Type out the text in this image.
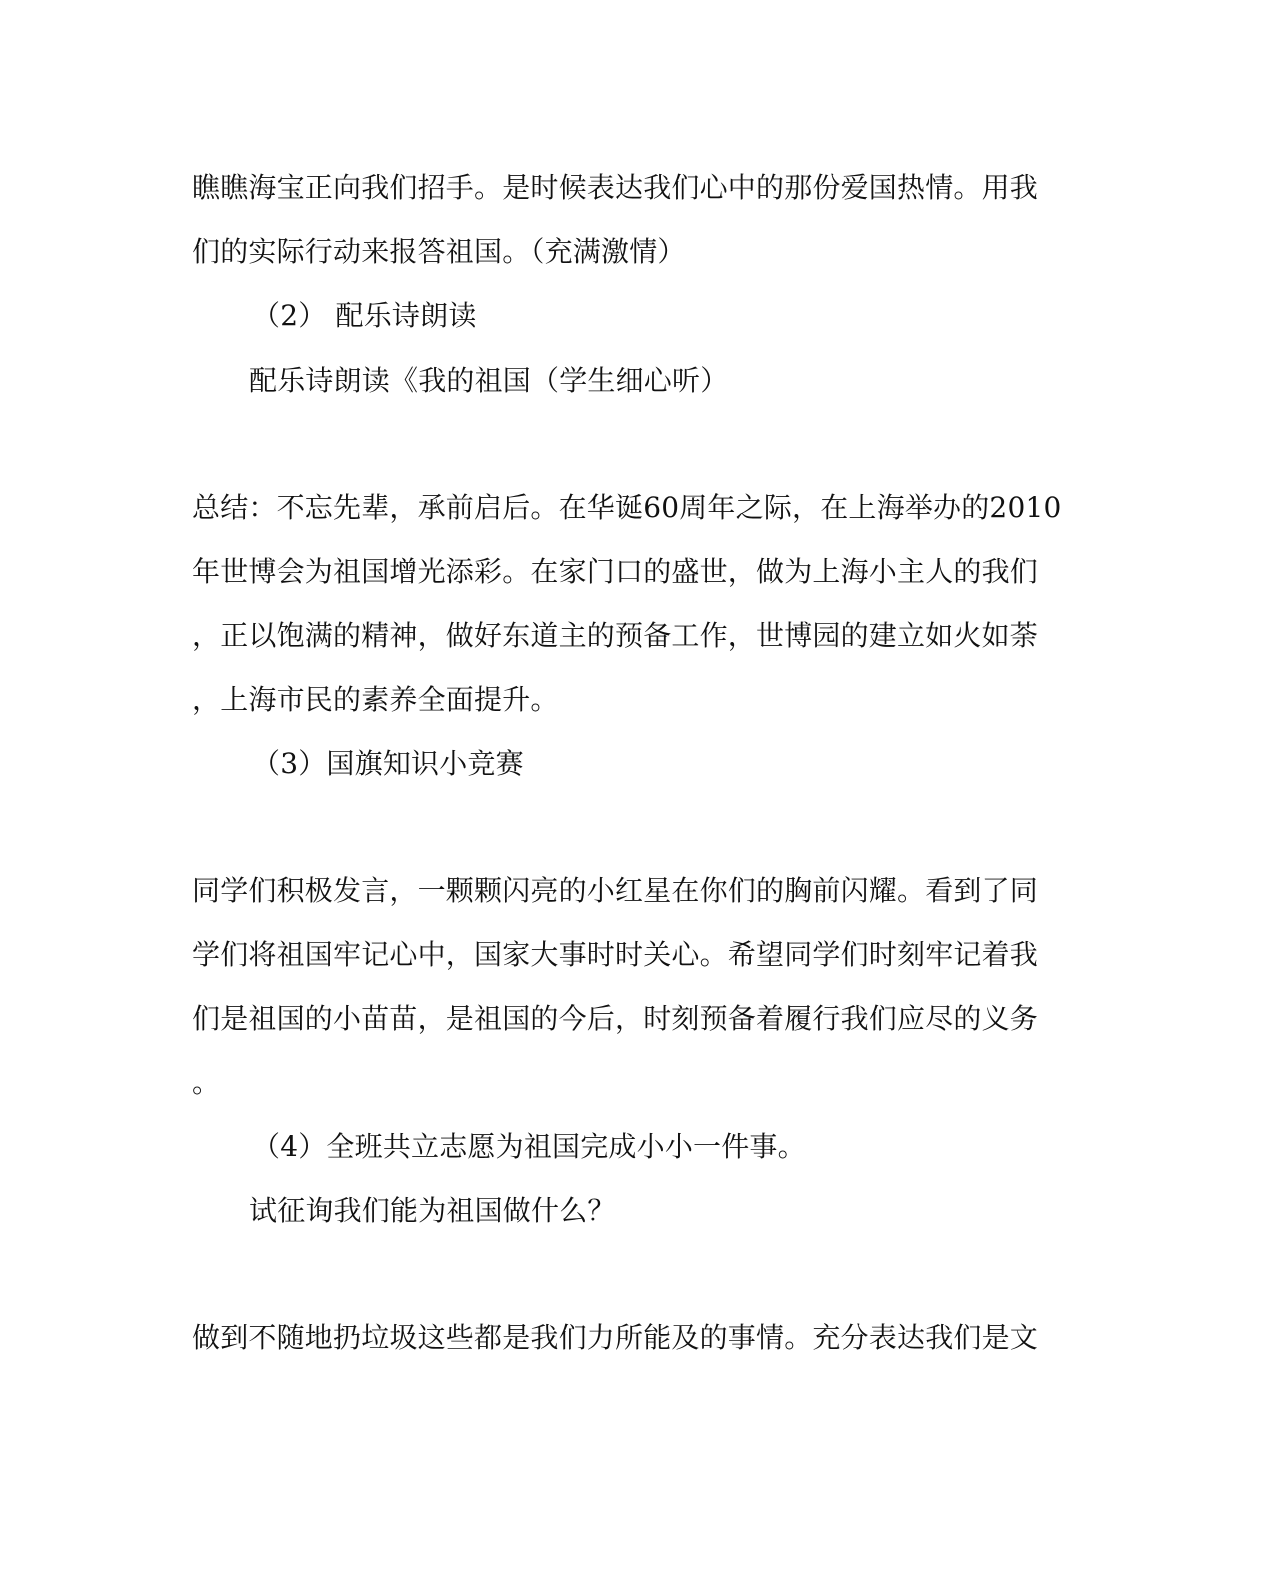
瞧瞧海宝正向我们招手。是时候表达我们心中的那份爱国热情。用我
们的实际行动来报答祖国。（充满激情）
（2） 配乐诗朗读
配乐诗朗读《我的祖国（学生细心听）
总结：不忘先辈，承前启后。在华诞60周年之际，在上海举办的2010
年世博会为祖国增光添彩。在家门口的盛世，做为上海小主人的我们
，正以饱满的精神，做好东道主的预备工作，世博园的建立如火如荼
，上海市民的素养全面提升。
（3）国旗知识小竞赛
同学们积极发言，一颗颗闪亮的小红星在你们的胸前闪耀。看到了同
学们将祖国牢记心中，国家大事时时关心。希望同学们时刻牢记着我
们是祖国的小苗苗，是祖国的今后，时刻预备着履行我们应尽的义务
。
（4）全班共立志愿为祖国完成小小一件事。
试征询我们能为祖国做什么？
做到不随地扔垃圾这些都是我们力所能及的事情。充分表达我们是文
